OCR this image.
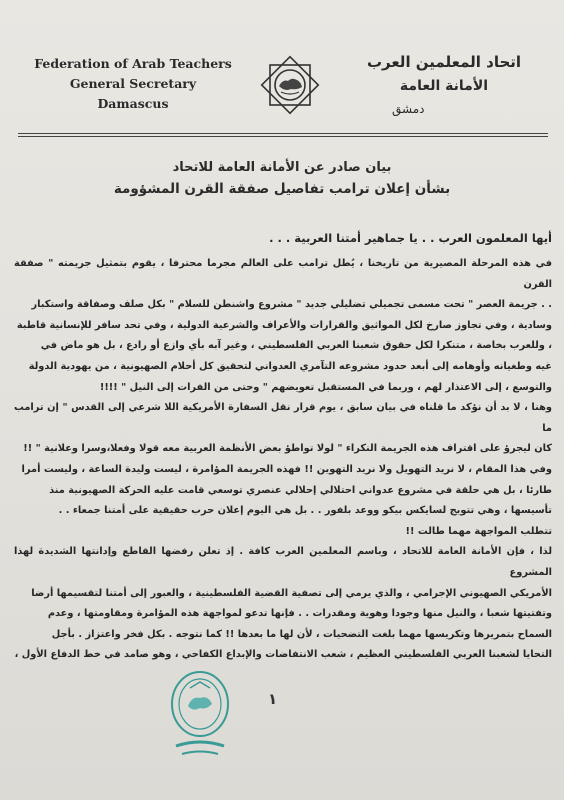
Federation of Arab Teachers
General Secretary
Damascus
اتحاد المعلمين العرب
الأمانة العامة
دمشق
بيان صادر عن الأمانة العامة للاتحاد
بشأن إعلان ترامب تفاصيل صفقة القرن المشؤومة
أيها المعلمون العرب . . يا جماهير أمتنا العربية . . .
في هذه المرحلة المصيرية من تاريخنا ، يُطل ترامب على العالم مجرما محترفا ، يقوم بتمثيل جريمته " صفقة القرن
. . جريمة العصر " تحت مسمى تجميلي تضليلي جديد " مشروع واشنطن للسلام " بكل صلف وصفاقة واستكبار
وسادية ، وفي تجاوز صارخ لكل المواثيق والقرارات والأعراف والشرعية الدولية ، وفي تحد سافر للإنسانية قاطبة
، وللعرب بخاصة ، متنكرا لكل حقوق شعبنا العربي الفلسطيني ، وغير آبه بأي وازع أو رادع ، بل هو ماض في
غيه وطغيانه وأوهامه إلى أبعد حدود مشروعه التآمري العدواني لتحقيق كل أحلام الصهيونية ، من يهودية الدولة
والتوسع ، إلى الاعتذار لهم ، وربما في المستقبل تعويضهم " وحتى من الفرات إلى النيل " !!!!
وهنا ، لا بد أن نؤكد ما قلناه في بيان سابق ، يوم قرار نقل السفارة الأمريكية اللا شرعي إلى القدس " إن ترامب ما
كان ليجرؤ على اقتراف هذه الجريمة النكراء " لولا تواطؤ بعض الأنظمة العربية معه قولا وفعلا،وسرا وعلانية " !!
وفي هذا المقام ، لا نريد التهويل ولا نريد التهوين !! فهذه الجريمة المؤامرة ، ليست وليدة الساعة ، وليست أمرا
طارئا ، بل هي حلقة في مشروع عدواني احتلالي إحلالي عنصري توسعي قامت عليه الحركة الصهيونية منذ
تأسيسها ، وهي تتويج لسايكس بيكو ووعد بلفور . . بل هي اليوم إعلان حرب حقيقية على أمتنا جمعاء . .
تتطلب المواجهة مهما طالت !!
لذا ، فإن الأمانة العامة للاتحاد ، وباسم المعلمين العرب كافة . إذ تعلن رفضها القاطع وإدانتها الشديدة لهذا المشروع
الأمريكي الصهيوني الإجرامي ، والذي يرمي إلى تصفية القضية الفلسطينية ، والعبور إلى أمتنا لتقسيمها أرضا
وتفتيتها شعبا ، والنيل منها وجودا وهوية ومقدرات . . فإنها تدعو لمواجهة هذه المؤامرة ومقاومتها ، وعدم
السماح بتمريرها وتكريسها مهما بلغت التضحيات ، لأن لها ما بعدها !! كما نتوجه . بكل فخر واعتزاز . بأجل
التحايا لشعبنا العربي الفلسطيني العظيم ، شعب الانتفاضات والإبداع الكفاحي ، وهو صامد في خط الدفاع الأول ،
١
